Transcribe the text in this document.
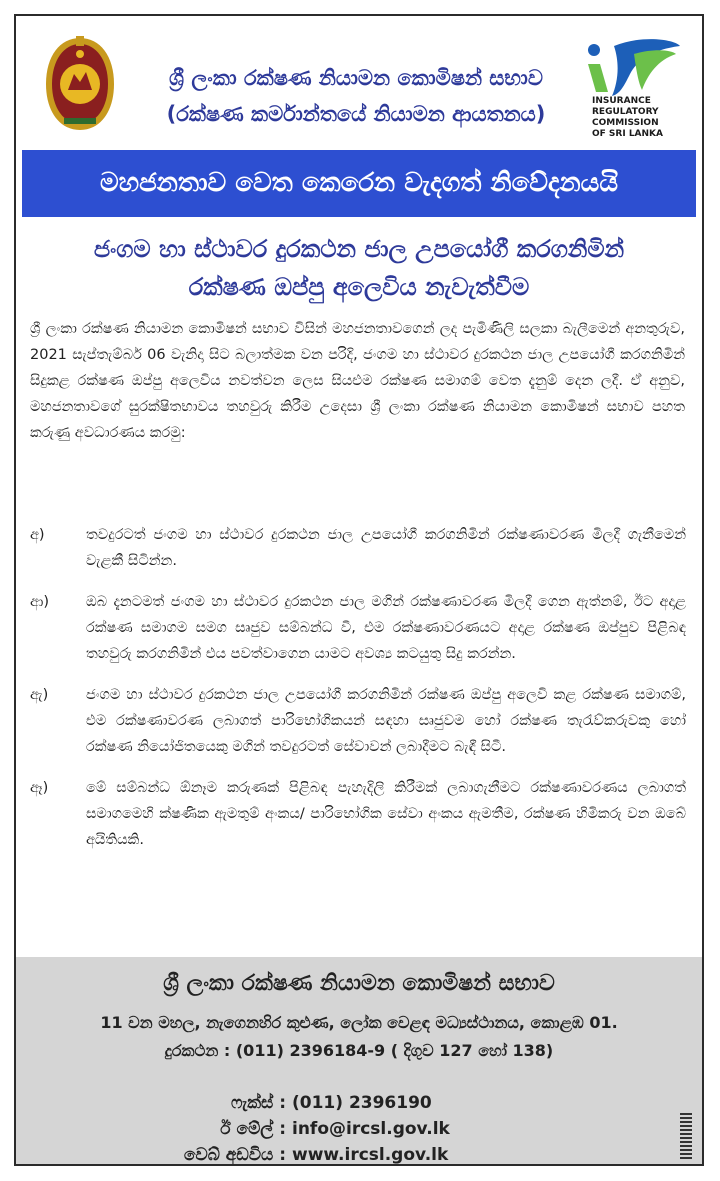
ශ්‍රී ලංකා රක්ෂණ නියාමන කොමිෂන් සභාව
(රක්ෂණ කර්මාන්තයේ නියාමන ආයතනය)
INSURANCE
REGULATORY
COMMISSION
OF SRI LANKA
මහජනතාව වෙත කෙරෙන වැදගත් නිවේදනයයි
ජංගම හා ස්ථාවර දුරකථන ජාල උපයෝගී කරගනිමින්
රක්ෂණ ඔප්පු අලෙවිය නැවැත්වීම
ශ්‍රී ලංකා රක්ෂණ නියාමන කොමිෂන් සභාව විසින් මහජනතාවගෙන් ලද පැමිණිලි සලකා බැලීමෙන් අනතුරුව, 2021 සැප්තැම්බර් 06 වැනිදා සිට බලාත්මක වන පරිදි, ජංගම හා ස්ථාවර දුරකථන ජාල උපයෝගී කරගනිමින් සිදුකළ රක්ෂණ ඔප්පු අලෙවිය නවත්වන ලෙස සියළුම රක්ෂණ සමාගම් වෙත දැනුම් දෙන ලදී. ඒ අනුව, මහජනතාවගේ සුරක්ෂිතභාවය තහවුරු කිරීම උදෙසා ශ්‍රී ලංකා රක්ෂණ නියාමන කොමිෂන් සභාව පහත කරුණු අවධාරණය කරමු:
අ)	තවදුරටත් ජංගම හා ස්ථාවර දුරකථන ජාල උපයෝගී කරගනිමින් රක්ෂණාවරණ මිලදී ගැනීමෙන් වැළකී සිටින්න.
ආ)	ඔබ දැනටමත් ජංගම හා ස්ථාවර දුරකථන ජාල මගින් රක්ෂණාවරණ මිලදී ගෙන ඇත්නම්, ඊට අදාළ රක්ෂණ සමාගම සමග සෘජුව සම්බන්ධ වී, එම රක්ෂණාවරණයට අදාළ රක්ෂණ ඔප්පුව පිළිබඳ තහවුරු කරගනිමින් එය පවත්වාගෙන යාමට අවශ්‍ය කටයුතු සිදු කරන්න.
ඇ)	ජංගම හා ස්ථාවර දුරකථන ජාල උපයෝගී කරගනිමින් රක්ෂණ ඔප්පු අලෙවි කළ රක්ෂණ සමාගම්, එම රක්ෂණාවරණ ලබාගත් පාරිභෝගිකයන් සඳහා සෘජුවම හෝ රක්ෂණ තැරැව්කරුවකු හෝ රක්ෂණ නියෝජිතයෙකු මගින් තවදුරටත් සේවාවන් ලබාදීමට බැඳී සිටී.
ඈ)	මේ සම්බන්ධ ඕනෑම කරුණක් පිළිබඳ පැහැදිලි කිරීමක් ලබාගැනීමට රක්ෂණාවරණය ලබාගත් සමාගමෙහි ක්ෂණික ඇමතුම් අංකය/ පාරිභෝගික සේවා අංකය ඇමතීම, රක්ෂණ හිමිකරු වන ඔබේ අයිතියකි.
ශ්‍රී ලංකා රක්ෂණ නියාමන කොමිෂන් සභාව
11 වන මහල, නැගෙනහිර කුළුණ, ලෝක වෙළඳ මධ්‍යස්ථානය, කොළඹ 01.
දුරකථන : (011) 2396184-9 ( දිගුව 127 හෝ 138)
ෆැක්ස් : (011) 2396190
ඊ මේල් : info@ircsl.gov.lk
වෙබ් අඩවිය : www.ircsl.gov.lk
